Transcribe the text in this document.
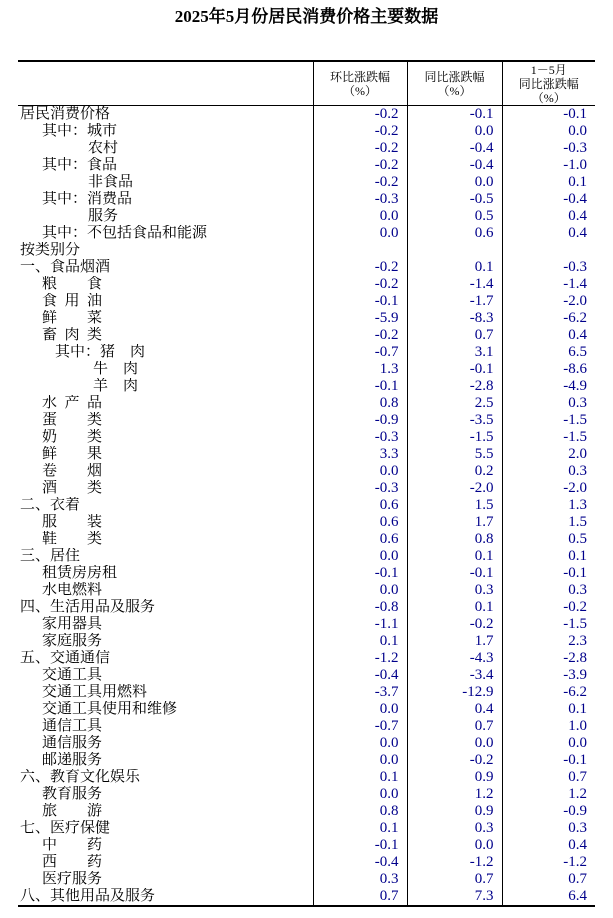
2025年5月份居民消费价格主要数据

环比涨跌幅
（%）

同比涨跌幅
（%）

1－5月
同比涨跌幅
（%）

居民消费价格	-0.2	-0.1	-0.1
其中：城市	-0.2	0.0	0.0
农村	-0.2	-0.4	-0.3
其中：食品	-0.2	-0.4	-1.0
非食品	-0.2	0.0	0.1
其中：消费品	-0.3	-0.5	-0.4
服务	0.0	0.5	0.4
其中：不包括食品和能源	0.0	0.6	0.4
按类别分			
一、食品烟酒	-0.2	0.1	-0.3
粮　　食	-0.2	-1.4	-1.4
食 用 油	-0.1	-1.7	-2.0
鲜　　菜	-5.9	-8.3	-6.2
畜 肉 类	-0.2	0.7	0.4
其中：猪　肉	-0.7	3.1	6.5
牛　肉	1.3	-0.1	-8.6
羊　肉	-0.1	-2.8	-4.9
水 产 品	0.8	2.5	0.3
蛋　　类	-0.9	-3.5	-1.5
奶　　类	-0.3	-1.5	-1.5
鲜　　果	3.3	5.5	2.0
卷　　烟	0.0	0.2	0.3
酒　　类	-0.3	-2.0	-2.0
二、衣着	0.6	1.5	1.3
服　　装	0.6	1.7	1.5
鞋　　类	0.6	0.8	0.5
三、居住	0.0	0.1	0.1
租赁房房租	-0.1	-0.1	-0.1
水电燃料	0.0	0.3	0.3
四、生活用品及服务	-0.8	0.1	-0.2
家用器具	-1.1	-0.2	-1.5
家庭服务	0.1	1.7	2.3
五、交通通信	-1.2	-4.3	-2.8
交通工具	-0.4	-3.4	-3.9
交通工具用燃料	-3.7	-12.9	-6.2
交通工具使用和维修	0.0	0.4	0.1
通信工具	-0.7	0.7	1.0
通信服务	0.0	0.0	0.0
邮递服务	0.0	-0.2	-0.1
六、教育文化娱乐	0.1	0.9	0.7
教育服务	0.0	1.2	1.2
旅　　游	0.8	0.9	-0.9
七、医疗保健	0.1	0.3	0.3
中　　药	-0.1	0.0	0.4
西　　药	-0.4	-1.2	-1.2
医疗服务	0.3	0.7	0.7
八、其他用品及服务	0.7	7.3	6.4
